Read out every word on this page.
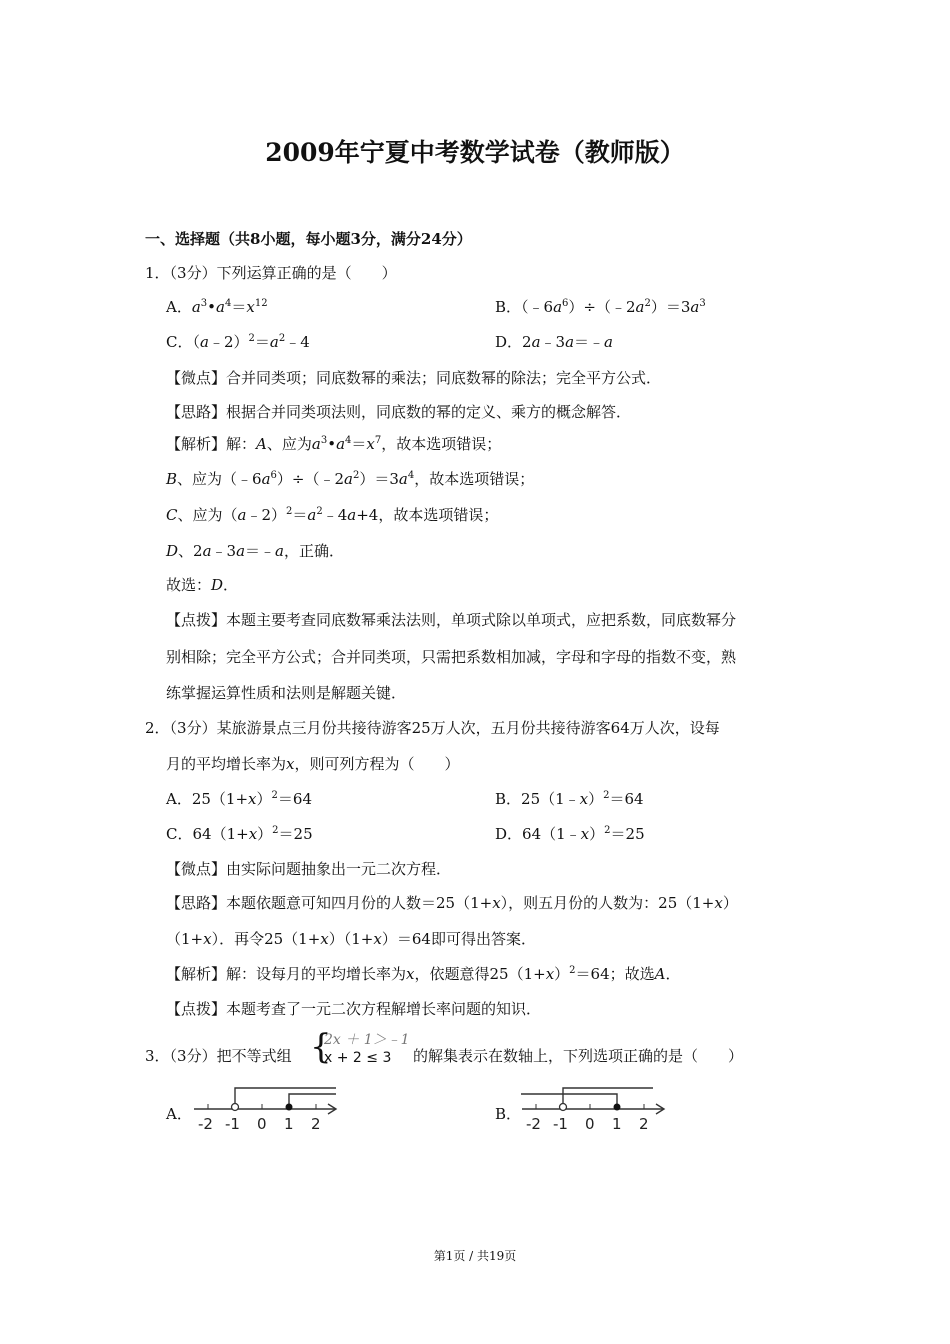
2009年宁夏中考数学试卷（教师版）
一、选择题（共8小题，每小题3分，满分24分）
1．（3分）下列运算正确的是（　　）
A．$a^3•a^4=x^{12}$	B．$(﹣6a^6)\div(﹣2a^2)=3a^3$
C．$(a﹣2)^2=a^2﹣4$	D．2a﹣3a＝﹣a
【微点】合并同类项；同底数幂的乘法；同底数幂的除法；完全平方公式．
【思路】根据合并同类项法则，同底数的幂的定义、乘方的概念解答．
【解析】解：A、应为$a^3•a^4=x^7$，故本选项错误；
B、应为$(﹣6a^6)\div(﹣2a^2)=3a^4$，故本选项错误；
C、应为$(a﹣2)^2=a^2﹣4a+4$，故本选项错误；
D、2a﹣3a＝﹣a，正确．
故选：D．
【点拨】本题主要考查同底数幂乘法法则，单项式除以单项式，应把系数，同底数幂分
别相除；完全平方公式；合并同类项，只需把系数相加减，字母和字母的指数不变，熟
练掌握运算性质和法则是解题关键．
2．（3分）某旅游景点三月份共接待游客25万人次，五月份共接待游客64万人次，设每
月的平均增长率为x，则可列方程为（　　）
A．$25(1+x)^2=64$	B．25（1﹣x）$^2$＝64
C．$64(1+x)^2=25$	D．64（1﹣x）$^2$＝25
【微点】由实际问题抽象出一元二次方程．
【思路】本题依题意可知四月份的人数＝25（1+x），则五月份的人数为：25（1+x）
（1+x）．再令25（1+x）（1+x）＝64即可得出答案．
【解析】解：设每月的平均增长率为x，依题意得$25(1+x)^2=64$；故选A．
【点拨】本题考查了一元二次方程解增长率问题的知识．
3．（3分）把不等式组 {
2x ＋ 1＞﹣1
x + 2 ≤ 3	的解集表示在数轴上，下列选项正确的是（　　）
A．
-2 -1 0 1 2
B．
-2 -1 0 1 2
第1页 / 共19页
